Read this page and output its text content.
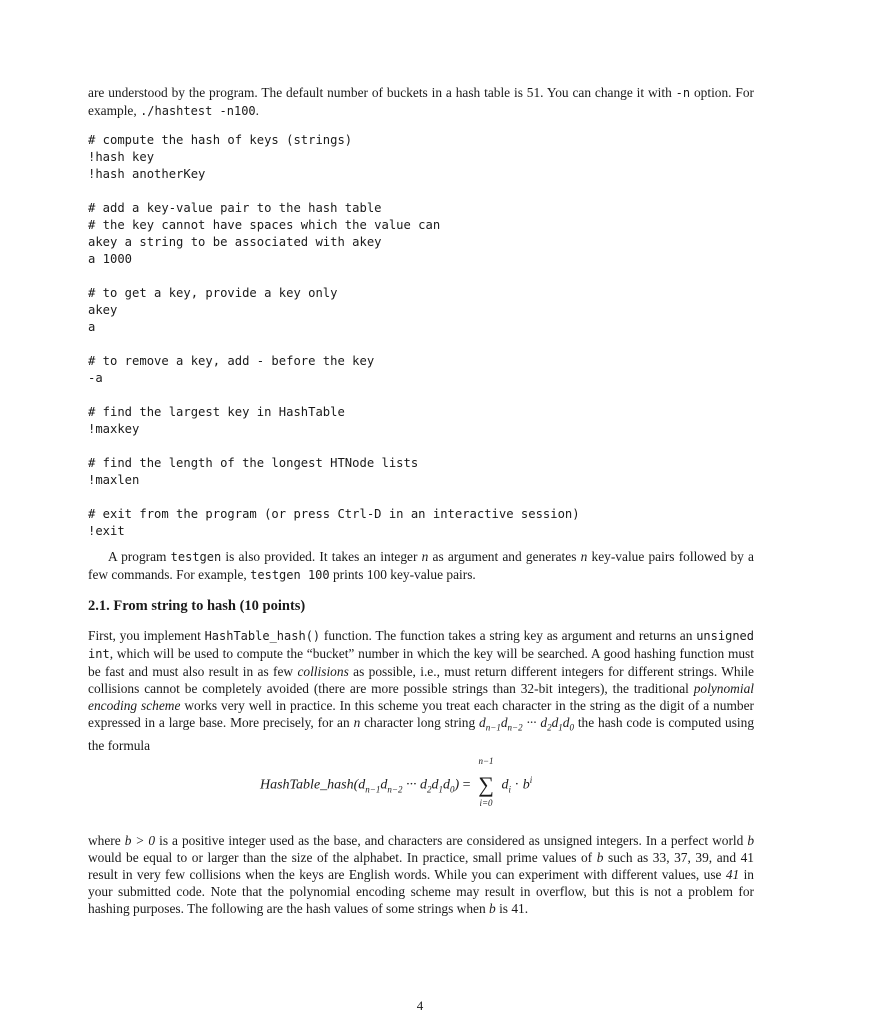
are understood by the program. The default number of buckets in a hash table is 51. You can change it with -n option. For example, ./hashtest -n100.

# compute the hash of keys (strings)
!hash key
!hash anotherKey
# add a key-value pair to the hash table
# the key cannot have spaces which the value can
akey a string to be associated with akey
a 1000
# to get a key, provide a key only
akey
a
# to remove a key, add - before the key
-a
# find the largest key in HashTable
!maxkey
# find the length of the longest HTNode lists
!maxlen
# exit from the program (or press Ctrl-D in an interactive session)
!exit

A program testgen is also provided. It takes an integer n as argument and generates n key-value pairs followed by a few commands. For example, testgen 100 prints 100 key-value pairs.

2.1. From string to hash (10 points)

First, you implement HashTable_hash() function. The function takes a string key as argument and returns an unsigned int, which will be used to compute the “bucket” number in which the key will be searched. A good hashing function must be fast and must also result in as few collisions as possible, i.e., must return different integers for different strings. While collisions cannot be completely avoided (there are more possible strings than 32-bit integers), the traditional polynomial encoding scheme works very well in practice. In this scheme you treat each character in the string as the digit of a number expressed in a large base. More precisely, for an n character long string $d_{n-1}d_{n-2}$ ··· $d_2d_1d_0$ the hash code is computed using the formula

$HashTable\_hash(d_{n-1}d_{n-2}$ ··· $d_2d_1d_0$) =
n−1
∑
i=0
$d_i \cdot b^i$

where b > 0 is a positive integer used as the base, and characters are considered as unsigned integers. In a perfect world b would be equal to or larger than the size of the alphabet. In practice, small prime values of b such as 33, 37, 39, and 41 result in very few collisions when the keys are English words. While you can experiment with different values, use 41 in your submitted code. Note that the polynomial encoding scheme may result in overflow, but this is not a problem for hashing purposes. The following are the hash values of some strings when b is 41.

4
